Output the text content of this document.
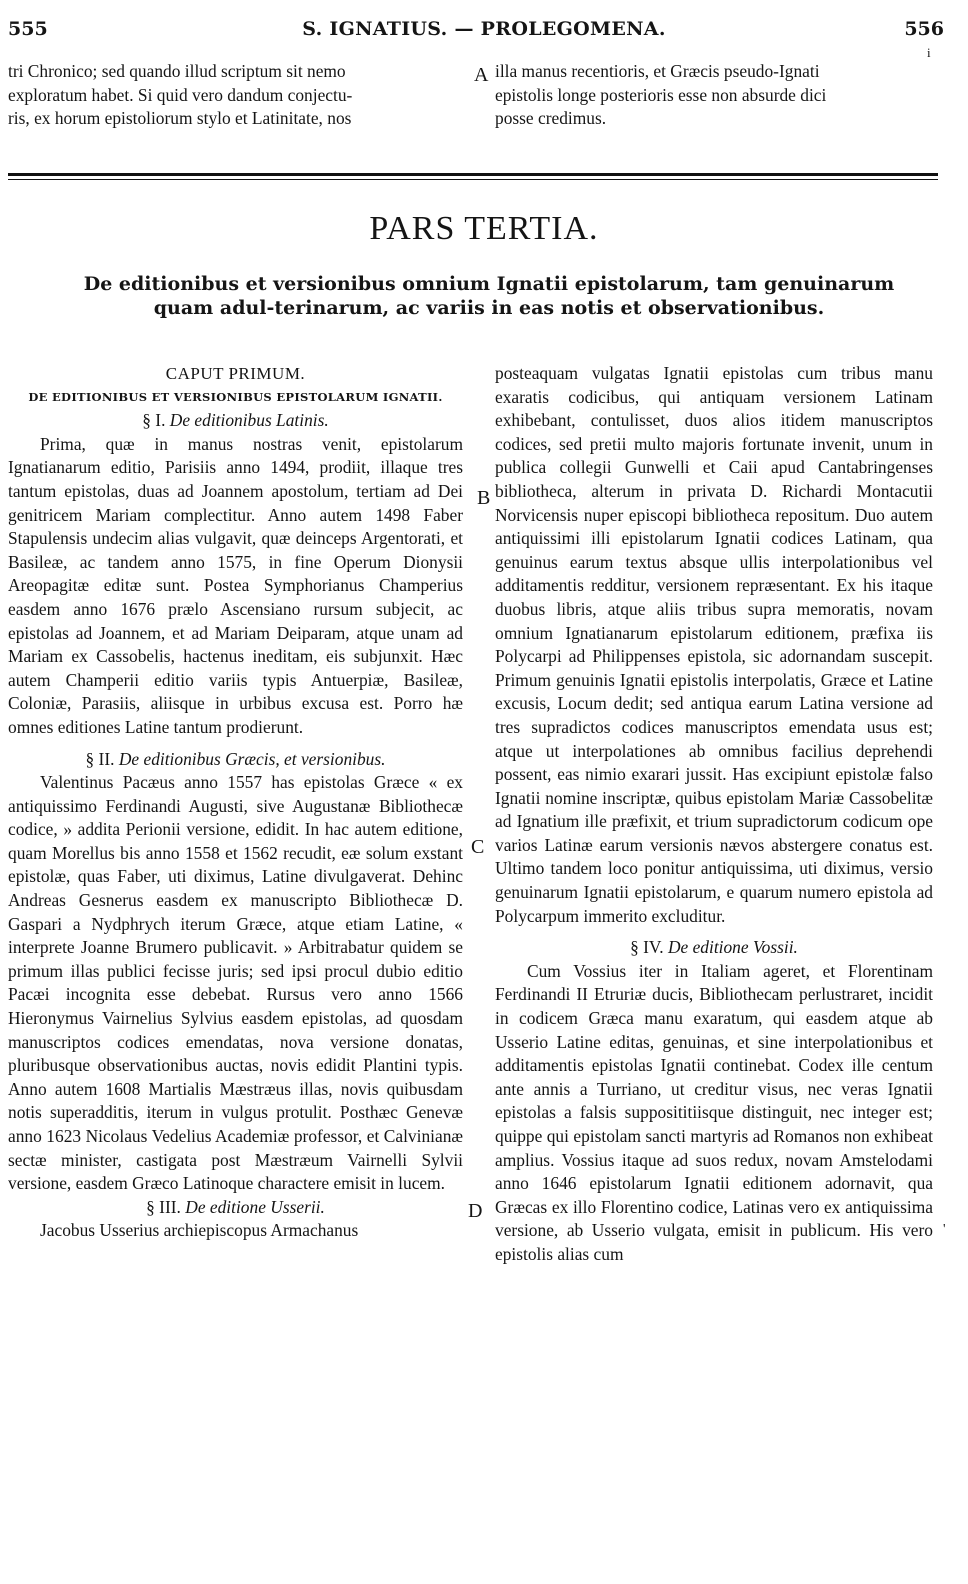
555	S. IGNATIUS. — PROLEGOMENA.	556
i

tri Chronico; sed quando illud scriptum sit nemo

exploratum habet. Si quid vero dandum conjectu-

ris, ex horum epistoliorum stylo et Latinitate, nos

illa manus recentioris, et Græcis pseudo-Ignati

epistolis longe posterioris esse non absurde dici

posse credimus.

A
B
C
D
'
PARS TERTIA.
De editionibus et versionibus omnium Ignatii epistolarum, tam genuinarum quam adul-terinarum, ac variis in eas notis et observationibus.

CAPUT PRIMUM.

DE EDITIONIBUS ET VERSIONIBUS EPISTOLARUM IGNATII.

§ I. De editionibus Latinis.

Prima, quæ in manus nostras venit, epistolarum Ignatianarum editio, Parisiis anno 1494, prodiit, illaque tres tantum epistolas, duas ad Joannem apostolum, tertiam ad Dei genitricem Mariam complectitur. Anno autem 1498 Faber Stapulensis undecim alias vulgavit, quæ deinceps Argentorati, et Basileæ, ac tandem anno 1575, in fine Operum Dionysii Areopagitæ editæ sunt. Postea Symphorianus Champerius easdem anno 1676 prælo Ascensiano rursum subjecit, ac epistolas ad Joannem, et ad Mariam Deiparam, atque unam ad Mariam ex Cassobelis, hactenus ineditam, eis subjunxit. Hæc autem Champerii editio variis typis Antuerpiæ, Basileæ, Coloniæ, Parasiis, aliisque in urbibus excusa est. Porro hæ omnes editiones Latine tantum prodierunt.

§ II. De editionibus Græcis, et versionibus.

Valentinus Pacæus anno 1557 has epistolas Græce « ex antiquissimo Ferdinandi Augusti, sive Augustanæ Bibliothecæ codice, » addita Perionii versione, edidit. In hac autem editione, quam Morellus bis anno 1558 et 1562 recudit, eæ solum exstant epistolæ, quas Faber, uti diximus, Latine divulgaverat. Dehinc Andreas Gesnerus easdem ex manuscripto Bibliothecæ D. Gaspari a Nydphrych iterum Græce, atque etiam Latine, « interprete Joanne Brumero publicavit. » Arbitrabatur quidem se primum illas publici fecisse juris; sed ipsi procul dubio editio Pacæi incognita esse debebat. Rursus vero anno 1566 Hieronymus Vairnelius Sylvius easdem epistolas, ad quosdam manuscriptos codices emendatas, nova versione donatas, pluribusque observationibus auctas, novis edidit Plantini typis. Anno autem 1608 Martialis Mæstræus illas, novis quibusdam notis superadditis, iterum in vulgus protulit. Posthæc Genevæ anno 1623 Nicolaus Vedelius Academiæ professor, et Calvinianæ sectæ minister, castigata post Mæstræum Vairnelli Sylvii versione, easdem Græco Latinoque charactere emisit in lucem.

§ III. De editione Usserii.

Jacobus Usserius archiepiscopus Armachanus

posteaquam vulgatas Ignatii epistolas cum tribus manu exaratis codicibus, qui antiquam versionem Latinam exhibebant, contulisset, duos alios itidem manuscriptos codices, sed pretii multo majoris fortunate invenit, unum in publica collegii Gunwelli et Caii apud Cantabringenses bibliotheca, alterum in privata D. Richardi Montacutii Norvicensis nuper episcopi bibliotheca repositum. Duo autem antiquissimi illi epistolarum Ignatii codices Latinam, qua genuinus earum textus absque ullis interpolationibus vel additamentis redditur, versionem repræsentant. Ex his itaque duobus libris, atque aliis tribus supra memoratis, novam omnium Ignatianarum epistolarum editionem, præfixa iis Polycarpi ad Philippenses epistola, sic adornandam suscepit. Primum genuinis Ignatii epistolis interpolatis, Græce et Latine excusis, Locum dedit; sed antiqua earum Latina versione ad tres supradictos codices manuscriptos emendata usus est; atque ut interpolationes ab omnibus facilius deprehendi possent, eas nimio exarari jussit. Has excipiunt epistolæ falso Ignatii nomine inscriptæ, quibus epistolam Mariæ Cassobelitæ ad Ignatium ille præfixit, et trium supradictorum codicum ope varios Latinæ earum versionis nævos abstergere conatus est. Ultimo tandem loco ponitur antiquissima, uti diximus, versio genuinarum Ignatii epistolarum, e quarum numero epistola ad Polycarpum immerito excluditur.

§ IV. De editione Vossii.

Cum Vossius iter in Italiam ageret, et Florentinam Ferdinandi II Etruriæ ducis, Bibliothecam perlustraret, incidit in codicem Græca manu exaratum, qui easdem atque ab Usserio Latine editas, genuinas, et sine interpolationibus et additamentis epistolas Ignatii continebat. Codex ille centum ante annis a Turriano, ut creditur visus, nec veras Ignatii epistolas a falsis supposititiisque distinguit, nec integer est; quippe qui epistolam sancti martyris ad Romanos non exhibeat amplius. Vossius itaque ad suos redux, novam Amstelodami anno 1646 epistolarum Ignatii editionem adornavit, qua Græcas ex illo Florentino codice, Latinas vero ex antiquissima versione, ab Usserio vulgata, emisit in publicum. His vero epistolis alias cum
